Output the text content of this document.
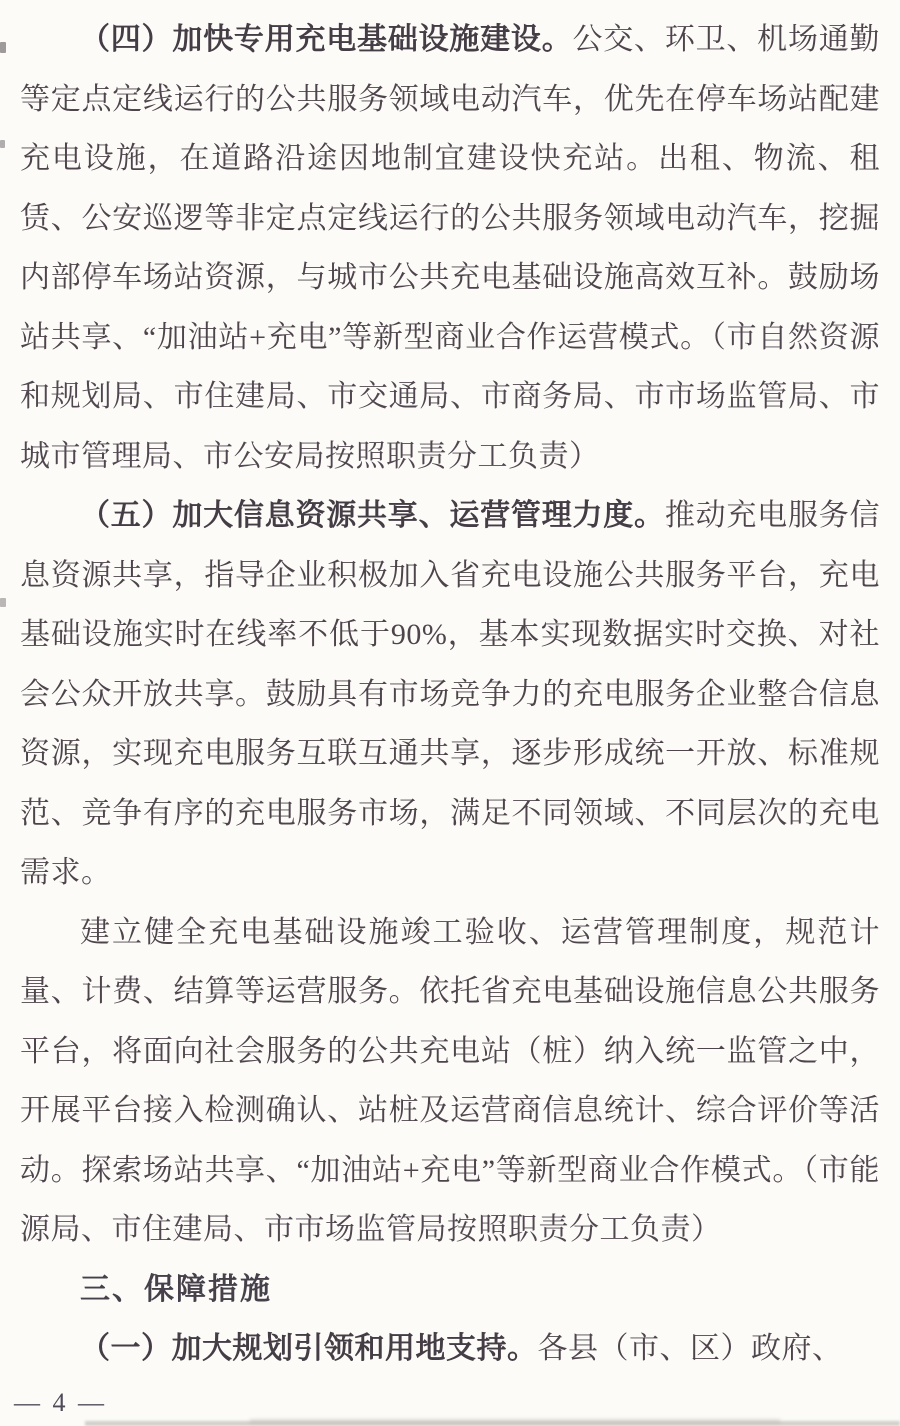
（四）加快专用充电基础设施建设。公交、环卫、机场通勤等定点定线运行的公共服务领域电动汽车，优先在停车场站配建充电设施，在道路沿途因地制宜建设快充站。出租、物流、租赁、公安巡逻等非定点定线运行的公共服务领域电动汽车，挖掘内部停车场站资源，与城市公共充电基础设施高效互补。鼓励场站共享、“加油站+充电”等新型商业合作运营模式。（市自然资源和规划局、市住建局、市交通局、市商务局、市市场监管局、市城市管理局、市公安局按照职责分工负责）

（五）加大信息资源共享、运营管理力度。推动充电服务信息资源共享，指导企业积极加入省充电设施公共服务平台，充电基础设施实时在线率不低于90%，基本实现数据实时交换、对社会公众开放共享。鼓励具有市场竞争力的充电服务企业整合信息资源，实现充电服务互联互通共享，逐步形成统一开放、标准规范、竞争有序的充电服务市场，满足不同领域、不同层次的充电需求。

建立健全充电基础设施竣工验收、运营管理制度，规范计量、计费、结算等运营服务。依托省充电基础设施信息公共服务平台，将面向社会服务的公共充电站（桩）纳入统一监管之中，开展平台接入检测确认、站桩及运营商信息统计、综合评价等活动。探索场站共享、“加油站+充电”等新型商业合作模式。（市能源局、市住建局、市市场监管局按照职责分工负责）

三、保障措施

（一）加大规划引领和用地支持。各县（市、区）政府、

— 4 —
